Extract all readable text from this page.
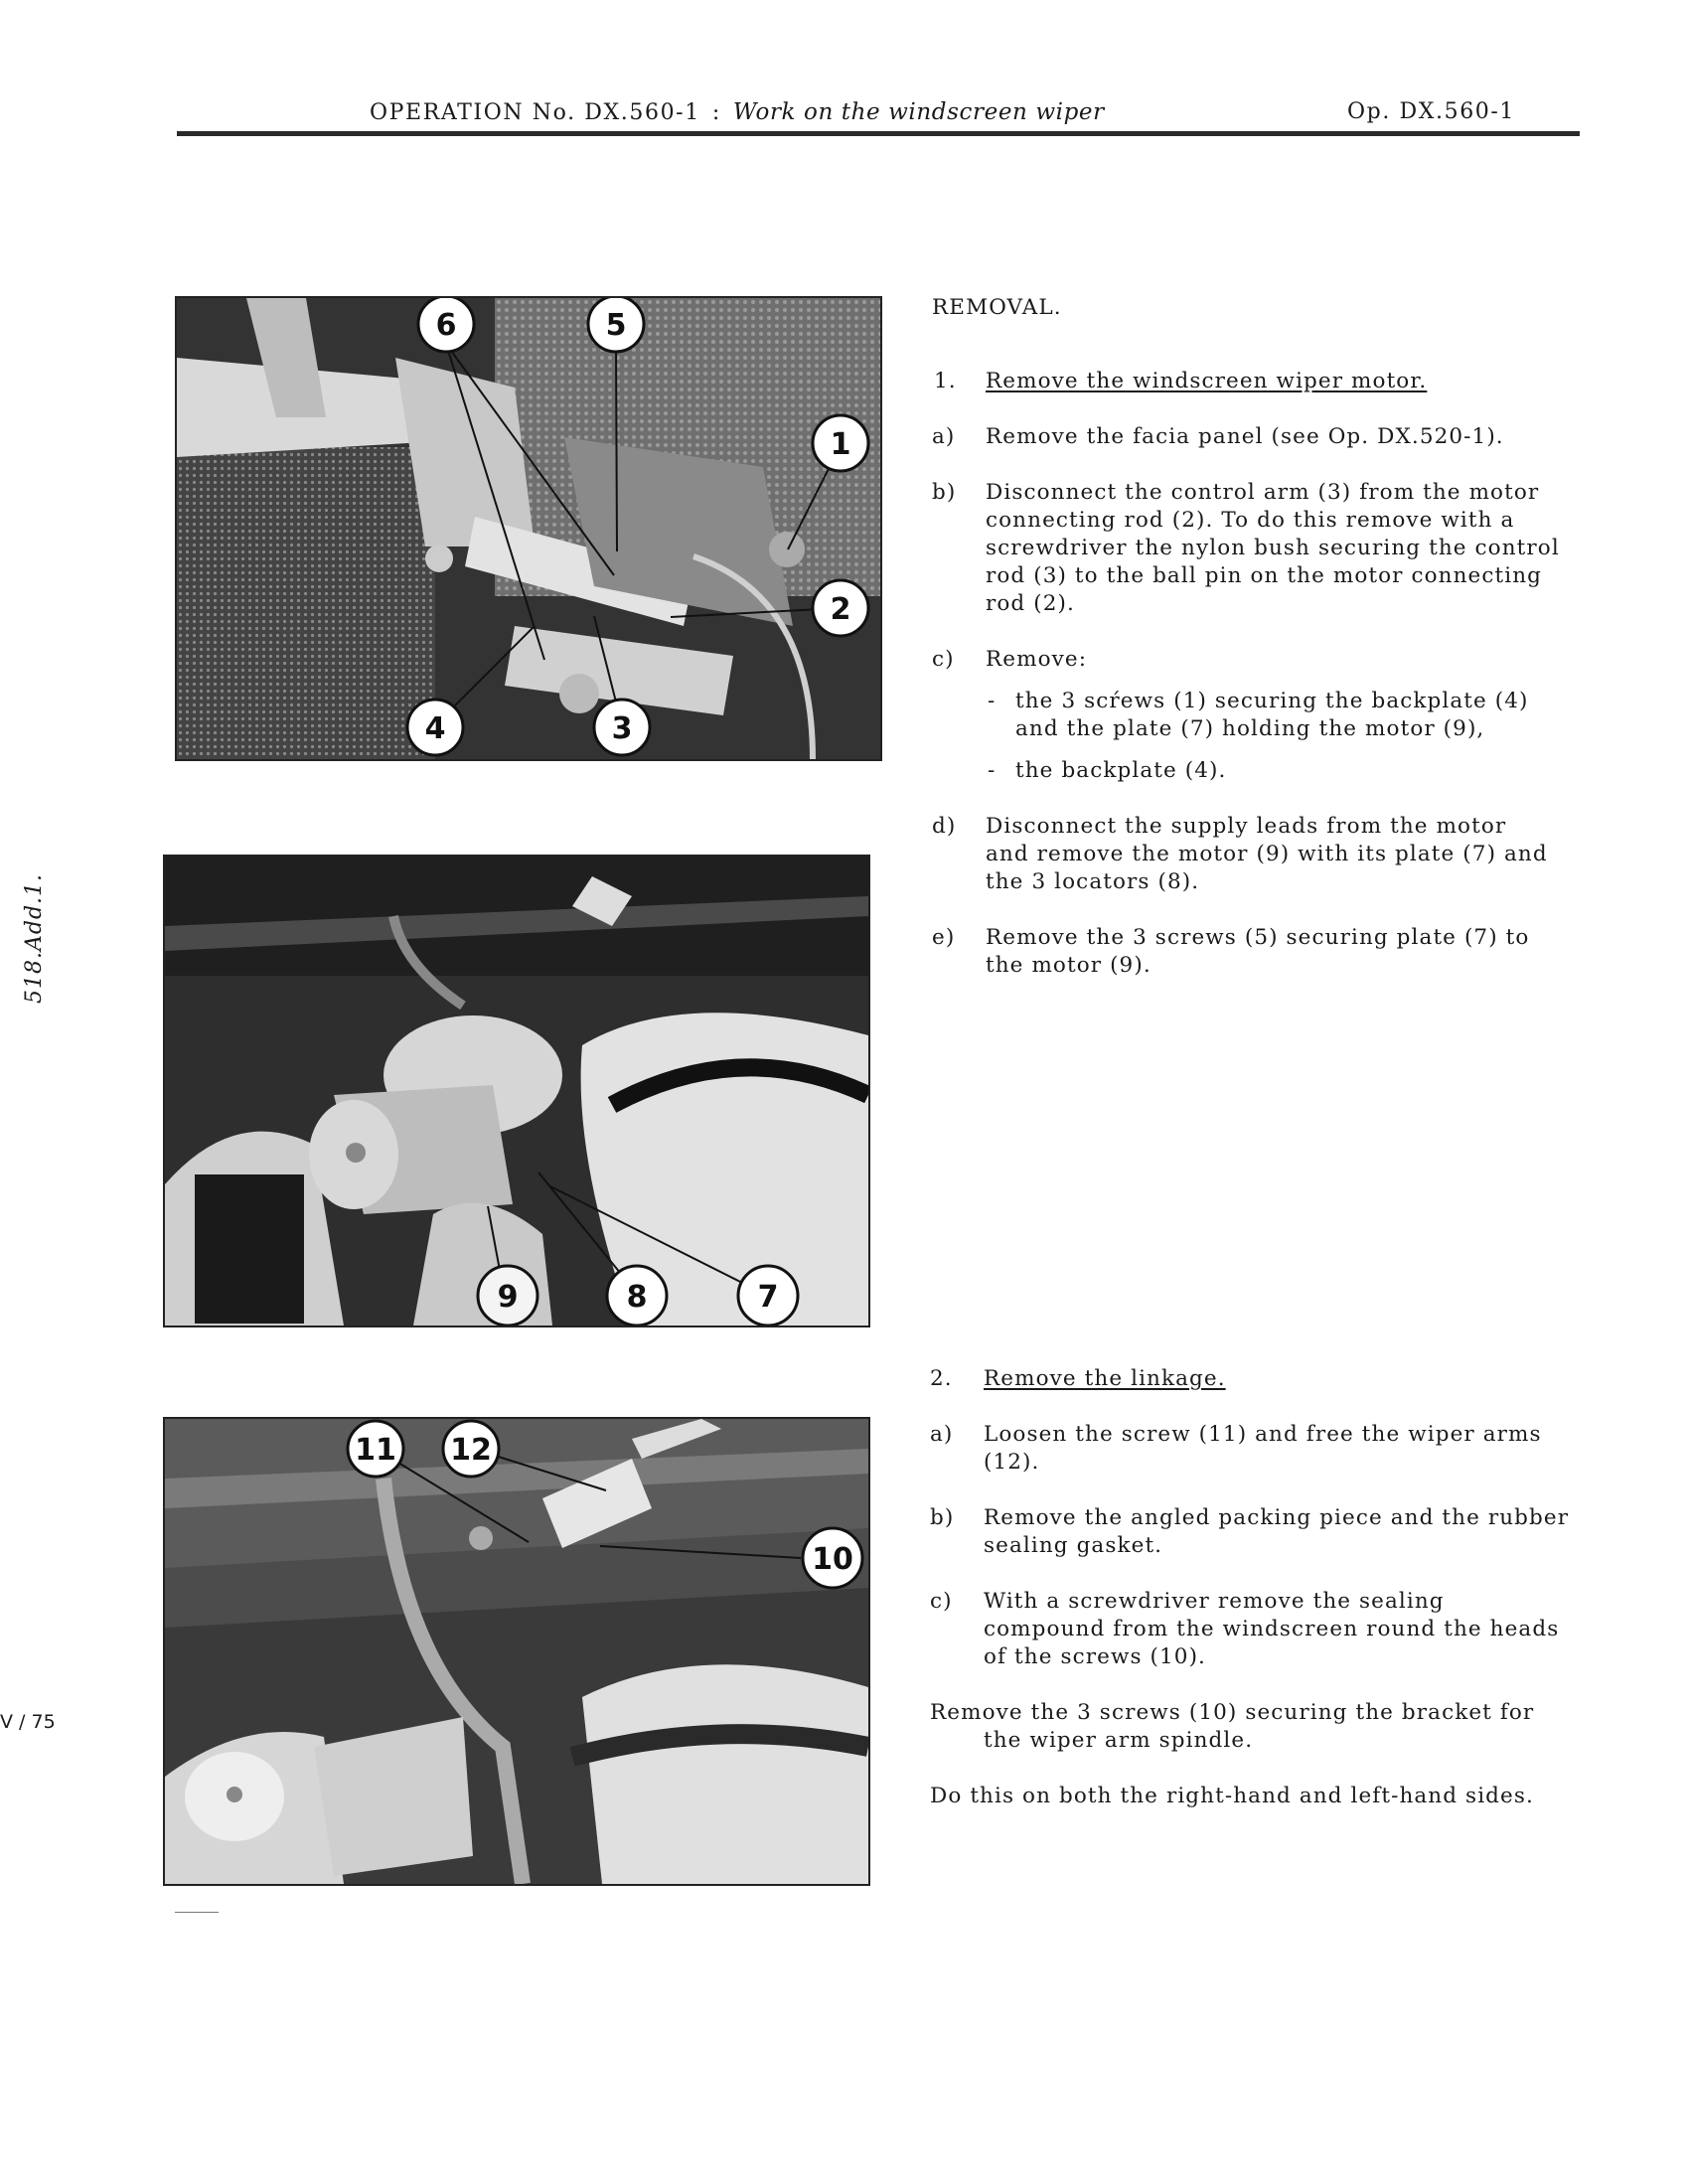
OPERATION No. DX.560-1 : Work on the windscreen wiper	Op. DX.560-1
518.Add.1.
V / 75
6	5
1
2
4	3
9	8	7
11 12
10
REMOVAL.
1. Remove the windscreen wiper motor.
a) Remove the facia panel (see Op. DX.520-1).
b) Disconnect the control arm (3) from the motor
connecting rod (2). To do this remove with a
screwdriver the nylon bush securing the control
rod (3) to the ball pin on the motor connecting
rod (2).
c) Remove:
- the 3 scŕews (1) securing the backplate (4)
and the plate (7) holding the motor (9),
- the backplate (4).
d) Disconnect the supply leads from the motor
and remove the motor (9) with its plate (7) and
the 3 locators (8).
e) Remove the 3 screws (5) securing plate (7) to
the motor (9).
2. Remove the linkage.
a) Loosen the screw (11) and free the wiper arms
(12).
b) Remove the angled packing piece and the rubber
sealing gasket.
c) With a screwdriver remove the sealing
compound from the windscreen round the heads
of the screws (10).
Remove the 3 screws (10) securing the bracket for
the wiper arm spindle.
Do this on both the right-hand and left-hand sides.
